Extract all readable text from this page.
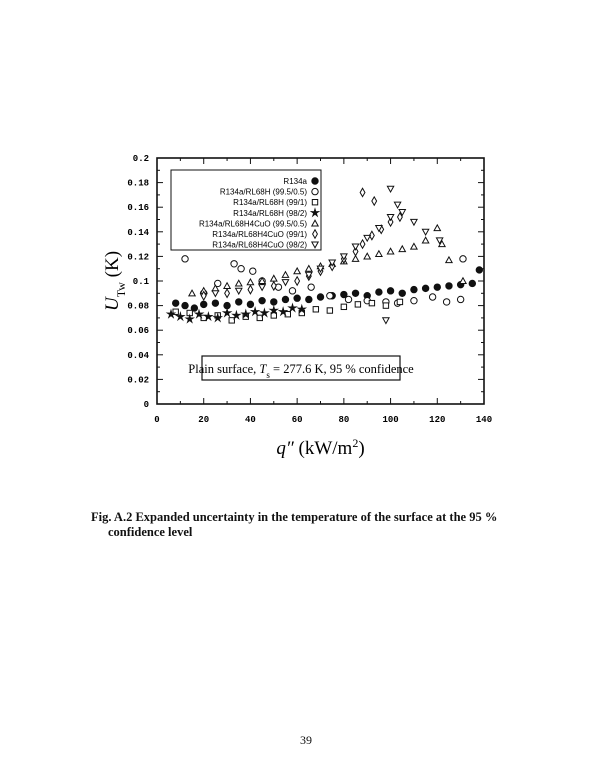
0	20	40	60	80	100	120	140
0
0.02
0.04
0.06
0.08
0.1
0.12
0.14
0.16
0.18
0.2
q″ $(kW/m^2)$
$U_{Tw}$ (K)
R134a
R134a/RL68H (99.5/0.5)
R134a/RL68H (99/1)
R134a/RL68H (98/2)
R134a/RL68H4CuO (99.5/0.5)
R134a/RL68H4CuO (99/1)
R134a/RL68H4CuO (98/2)
Plain surface, $T_s = 277.6$ K, 95 % confidence
Fig. A.2 Expanded uncertainty in the temperature of the surface at the 95 %
confidence level
39
